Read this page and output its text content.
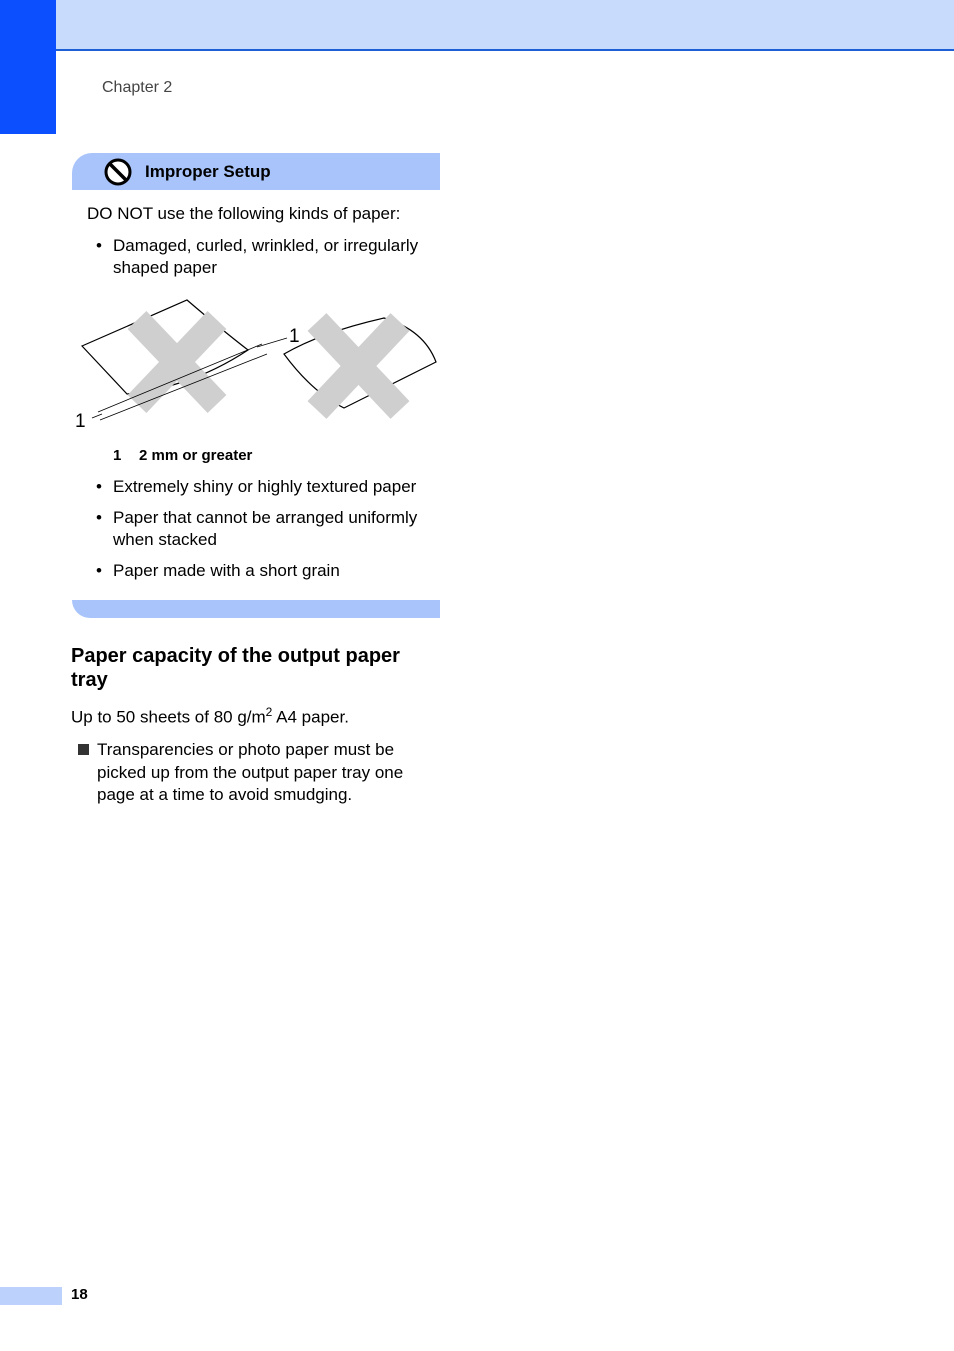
Chapter 2
Improper Setup
DO NOT use the following kinds of paper:
• Damaged, curled, wrinkled, or irregularly shaped paper
1
1
1 2 mm or greater
• Extremely shiny or highly textured paper
• Paper that cannot be arranged uniformly when stacked
• Paper made with a short grain
Paper capacity of the output paper tray
Up to 50 sheets of 80 $g/m^2$ A4 paper.
Transparencies or photo paper must be picked up from the output paper tray one page at a time to avoid smudging.
18
